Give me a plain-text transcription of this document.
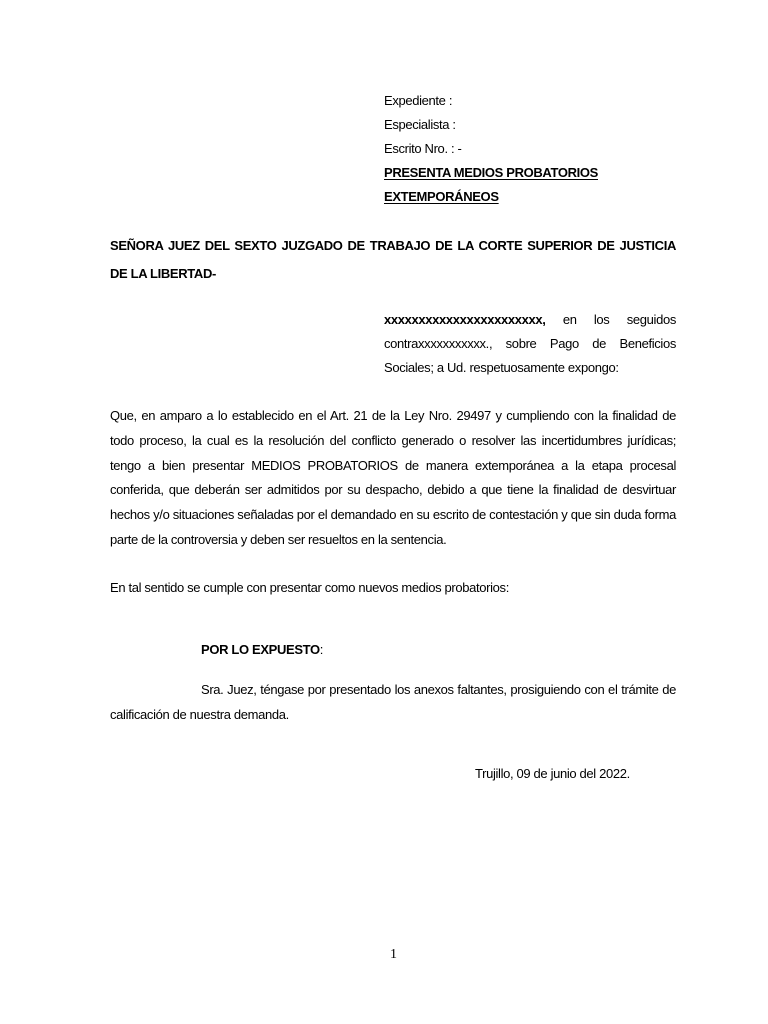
Expediente :
Especialista :
Escrito Nro. : -
PRESENTA MEDIOS PROBATORIOS
EXTEMPORÁNEOS
SEÑORA JUEZ DEL SEXTO JUZGADO DE TRABAJO DE LA CORTE SUPERIOR DE JUSTICIA
DE LA LIBERTAD-
xxxxxxxxxxxxxxxxxxxxxxx, en los seguidos
contraxxxxxxxxxxx., sobre Pago de Beneficios
Sociales; a Ud. respetuosamente expongo:
Que, en amparo a lo establecido en el Art. 21 de la Ley Nro. 29497 y cumpliendo con la finalidad de todo proceso, la cual es la resolución del conflicto generado o resolver las incertidumbres jurídicas; tengo a bien presentar MEDIOS PROBATORIOS de manera extemporánea a la etapa procesal conferida, que deberán ser admitidos por su despacho, debido a que tiene la finalidad de desvirtuar hechos y/o situaciones señaladas por el demandado en su escrito de contestación y que sin duda forma parte de la controversia y deben ser resueltos en la sentencia.
En tal sentido se cumple con presentar como nuevos medios probatorios:
POR LO EXPUESTO:
Sra. Juez, téngase por presentado los anexos faltantes, prosiguiendo con el trámite de calificación de nuestra demanda.
Trujillo, 09 de junio del 2022.
1
